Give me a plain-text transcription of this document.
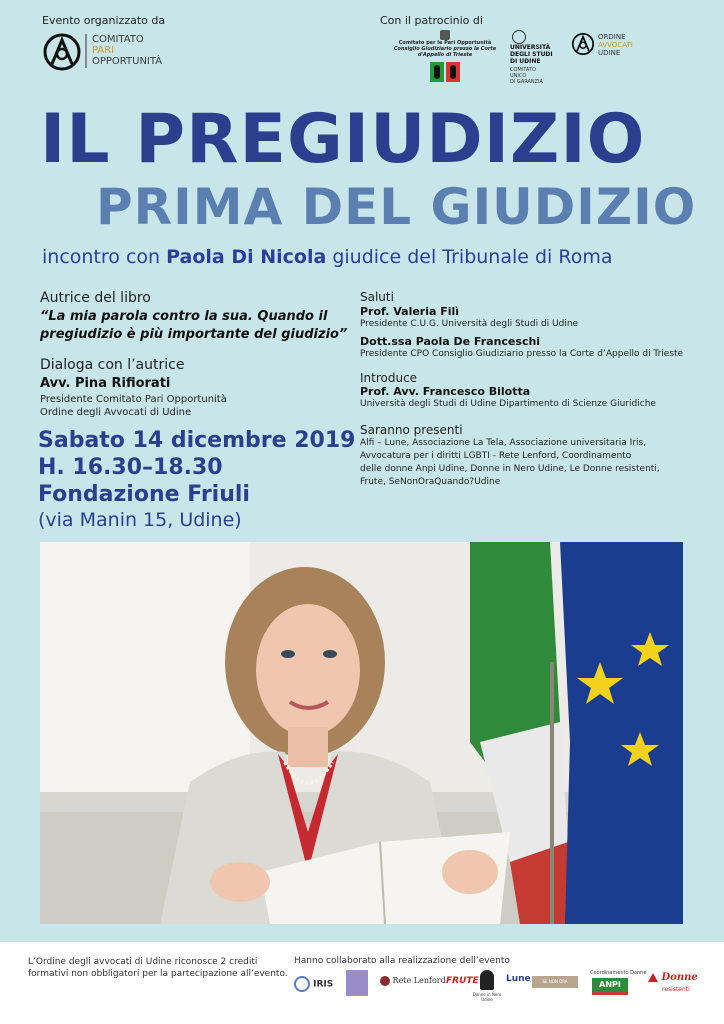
Evento organizzato da
COMITATO
PARI
OPPORTUNITÀ
Con il patrocinio di
Comitato per le Pari Opportunità
Consiglio Giudiziario presso la Corte d'Appello di Trieste
UNIVERSITÀ
DEGLI STUDI
DI UDINE
COMITATO
UNICO
DI GARANZIA
ORDINE
AVVOCATI
UDINE
IL PREGIUDIZIO
PRIMA DEL GIUDIZIO
incontro con Paola Di Nicola giudice del Tribunale di Roma
Autrice del libro
“La mia parola contro la sua. Quando il
pregiudizio è più importante del giudizio”
Dialoga con l’autrice
Avv. Pina Rifiorati
Presidente Comitato Pari Opportunità
Ordine degli Avvocati di Udine
Sabato 14 dicembre 2019
H. 16.30–18.30
Fondazione Friuli
(via Manin 15, Udine)
Saluti
Prof. Valeria Filì
Presidente C.U.G. Università degli Studi di Udine
Dott.ssa Paola De Franceschi
Presidente CPO Consiglio Giudiziario presso la Corte d’Appello di Trieste
Introduce
Prof. Avv. Francesco Bilotta
Università degli Studi di Udine Dipartimento di Scienze Giuridiche
Saranno presenti
Alfi – Lune, Associazione La Tela, Associazione universitaria Iris,
Avvocatura per i diritti LGBTI - Rete Lenford, Coordinamento
delle donne Anpi Udine, Donne in Nero Udine, Le Donne resistenti,
Frute, SeNonOraQuando?Udine
L’Ordine degli avvocati di Udine riconosce 2 crediti
formativi non obbligatori per la partecipazione all’evento.
Hanno collaborato alla realizzazione dell’evento
IRIS	Rete Lenford FRUTE
Donne in Nero
Udine
Lune	SE NON ORA QUANDO?
Coordinamento Donne
ANPI
Donne
resistenti
